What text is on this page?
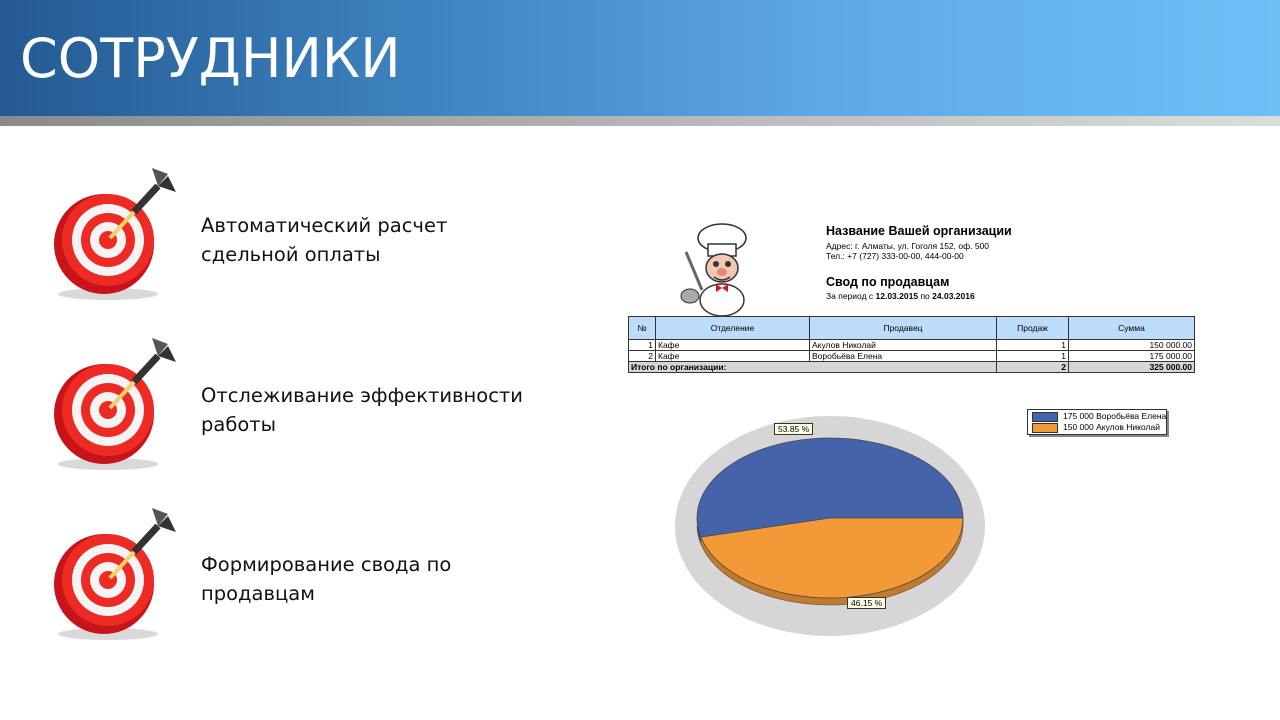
СОТРУДНИКИ
Автоматический расчет сдельной оплаты
Отслеживание эффективности работы
Формирование свода по продавцам
Название Вашей организации
Адрес: г. Алматы, ул. Гоголя 152, оф. 500
Тел.: +7 (727) 333-00-00, 444-00-00
Свод по продавцам
За период с 12.03.2015 по 24.03.2016
№	Отделение	Продавец	Продаж	Сумма
1	Кафе	Акулов Николай	1	150 000.00
2	Кафе	Воробьёва Елена	1	175 000.00
Итого по организации:			2	325 000.00
53.85 %
46.15 %
175 000 Воробьёва Елена
150 000 Акулов Николай
